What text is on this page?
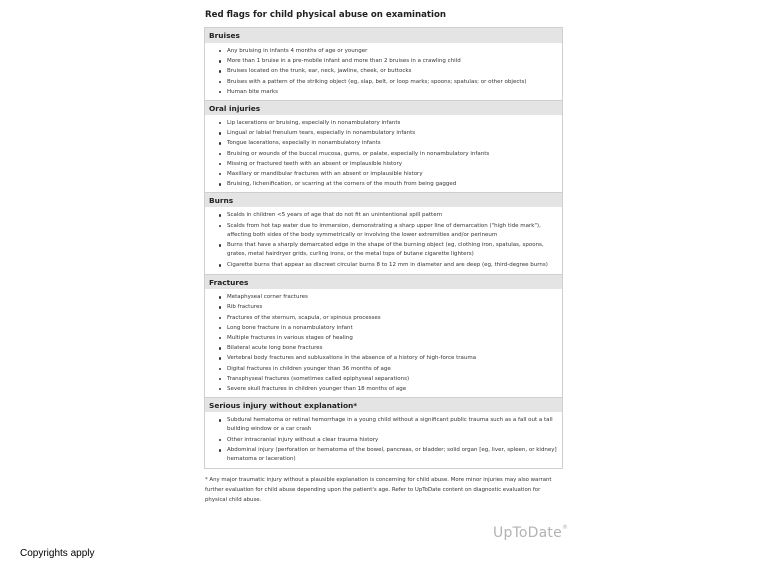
Red flags for child physical abuse on examination
Bruises
Any bruising in infants 4 months of age or younger
More than 1 bruise in a pre-mobile infant and more than 2 bruises in a crawling child
Bruises located on the trunk, ear, neck, jawline, cheek, or buttocks
Bruises with a pattern of the striking object (eg, slap, belt, or loop marks; spoons; spatulas; or other objects)
Human bite marks
Oral injuries
Lip lacerations or bruising, especially in nonambulatory infants
Lingual or labial frenulum tears, especially in nonambulatory infants
Tongue lacerations, especially in nonambulatory infants
Bruising or wounds of the buccal mucosa, gums, or palate, especially in nonambulatory infants
Missing or fractured teeth with an absent or implausible history
Maxillary or mandibular fractures with an absent or implausible history
Bruising, lichenification, or scarring at the corners of the mouth from being gagged
Burns
Scalds in children <5 years of age that do not fit an unintentional spill pattern
Scalds from hot tap water due to immersion, demonstrating a sharp upper line of demarcation ("high tide mark"), affecting both sides of the body symmetrically or involving the lower extremities and/or perineum
Burns that have a sharply demarcated edge in the shape of the burning object (eg, clothing iron, spatulas, spoons, grates, metal hairdryer grids, curling irons, or the metal tops of butane cigarette lighters)
Cigarette burns that appear as discreet circular burns 8 to 12 mm in diameter and are deep (eg, third-degree burns)
Fractures
Metaphyseal corner fractures
Rib fractures
Fractures of the sternum, scapula, or spinous processes
Long bone fracture in a nonambulatory infant
Multiple fractures in various stages of healing
Bilateral acute long bone fractures
Vertebral body fractures and subluxations in the absence of a history of high-force trauma
Digital fractures in children younger than 36 months of age
Transphyseal fractures (sometimes called epiphyseal separations)
Severe skull fractures in children younger than 18 months of age
Serious injury without explanation*
Subdural hematoma or retinal hemorrhage in a young child without a significant public trauma such as a fall out a tall building window or a car crash
Other intracranial injury without a clear trauma history
Abdominal injury (perforation or hematoma of the bowel, pancreas, or bladder; solid organ [eg, liver, spleen, or kidney] hematoma or laceration)
* Any major traumatic injury without a plausible explanation is concerning for child abuse. More minor injuries may also warrant further evaluation for child abuse depending upon the patient's age. Refer to UpToDate content on diagnostic evaluation for physical child abuse.
UpToDate®
Copyrights apply
